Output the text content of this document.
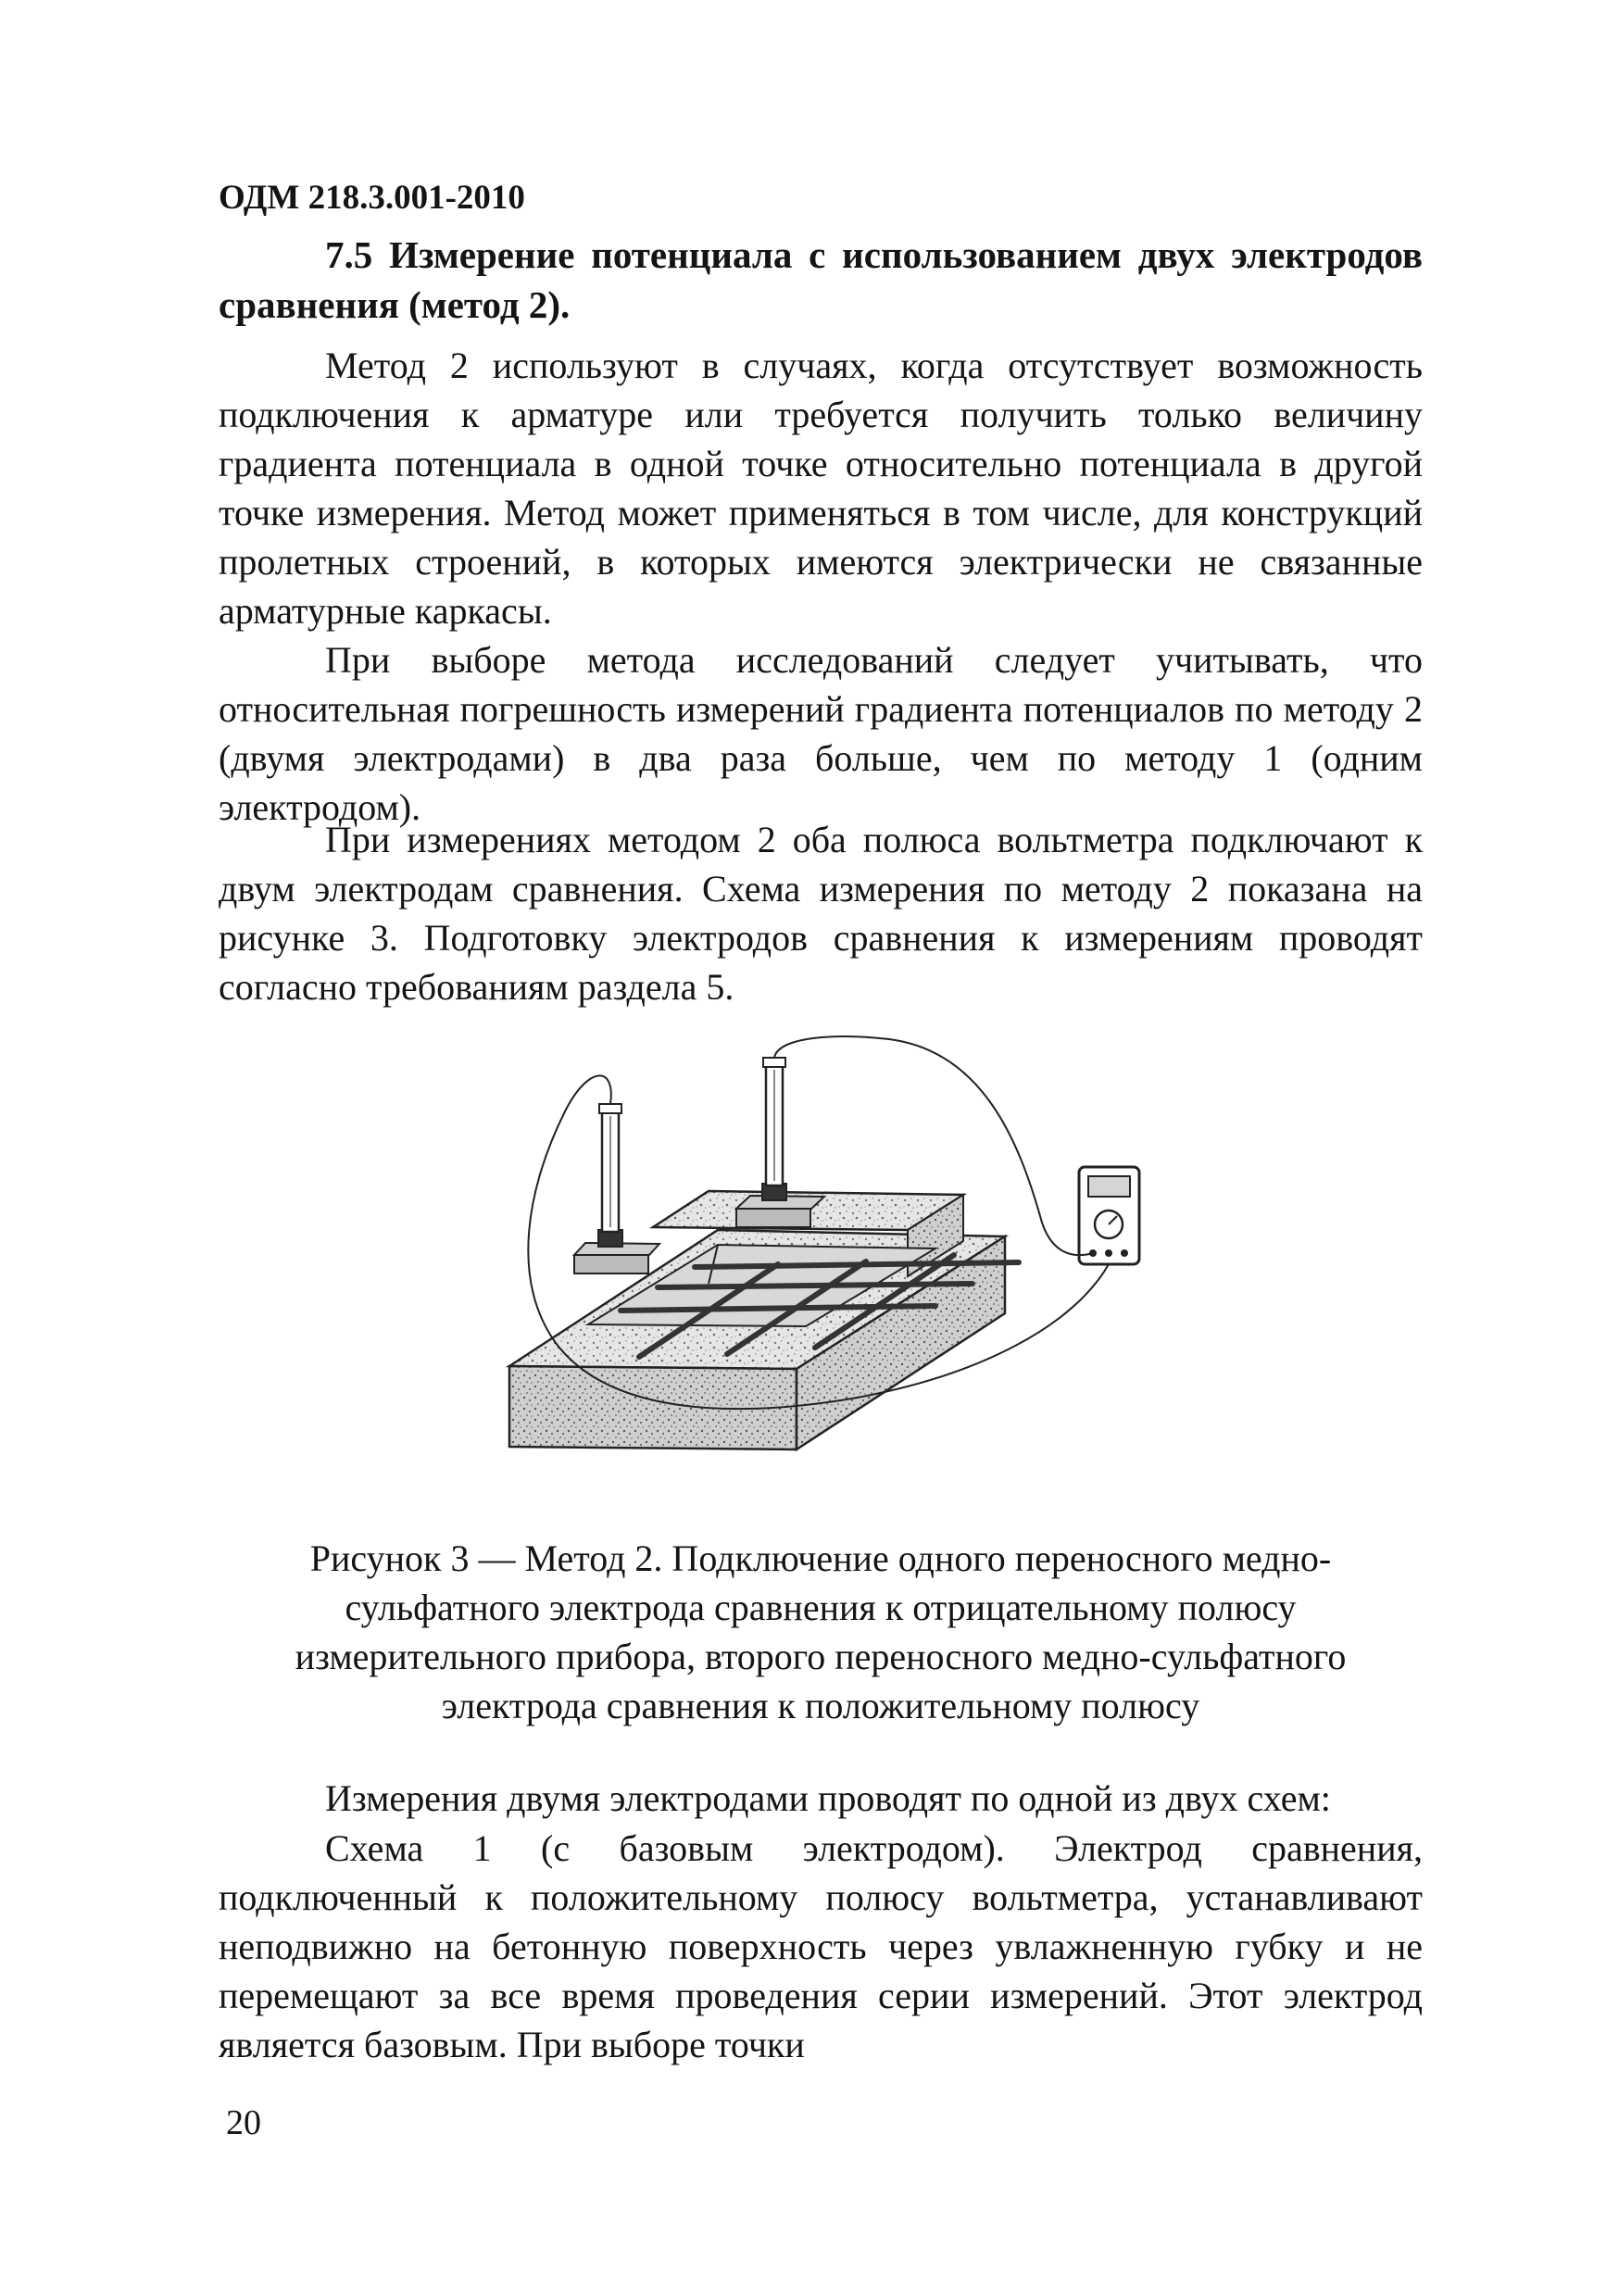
ОДМ 218.3.001-2010

7.5 Измерение потенциала с использованием двух электродов сравнения (метод 2).

Метод 2 используют в случаях, когда отсутствует возможность подключения к арматуре или требуется получить только величину градиента потенциала в одной точке относительно потенциала в другой точке измерения. Метод может применяться в том числе, для конструкций пролетных строений, в которых имеются электрически не связанные арматурные каркасы.

При выборе метода исследований следует учитывать, что относительная погрешность измерений градиента потенциалов по методу 2 (двумя электродами) в два раза больше, чем по методу 1 (одним электродом).

При измерениях методом 2 оба полюса вольтметра подключают к двум электродам сравнения. Схема измерения по методу 2 показана на рисунке 3. Подготовку электродов сравнения к измерениям проводят согласно требованиям раздела 5.

Рисунок 3 — Метод 2. Подключение одного переносного медно-сульфатного электрода сравнения к отрицательному полюсу измерительного прибора, второго переносного медно-сульфатного электрода сравнения к положительному полюсу

Измерения двумя электродами проводят по одной из двух схем:

Схема 1 (с базовым электродом). Электрод сравнения, подключенный к положительному полюсу вольтметра, устанавливают неподвижно на бетонную поверхность через увлажненную губку и не перемещают за все время проведения серии измерений. Этот электрод является базовым. При выборе точки

20
